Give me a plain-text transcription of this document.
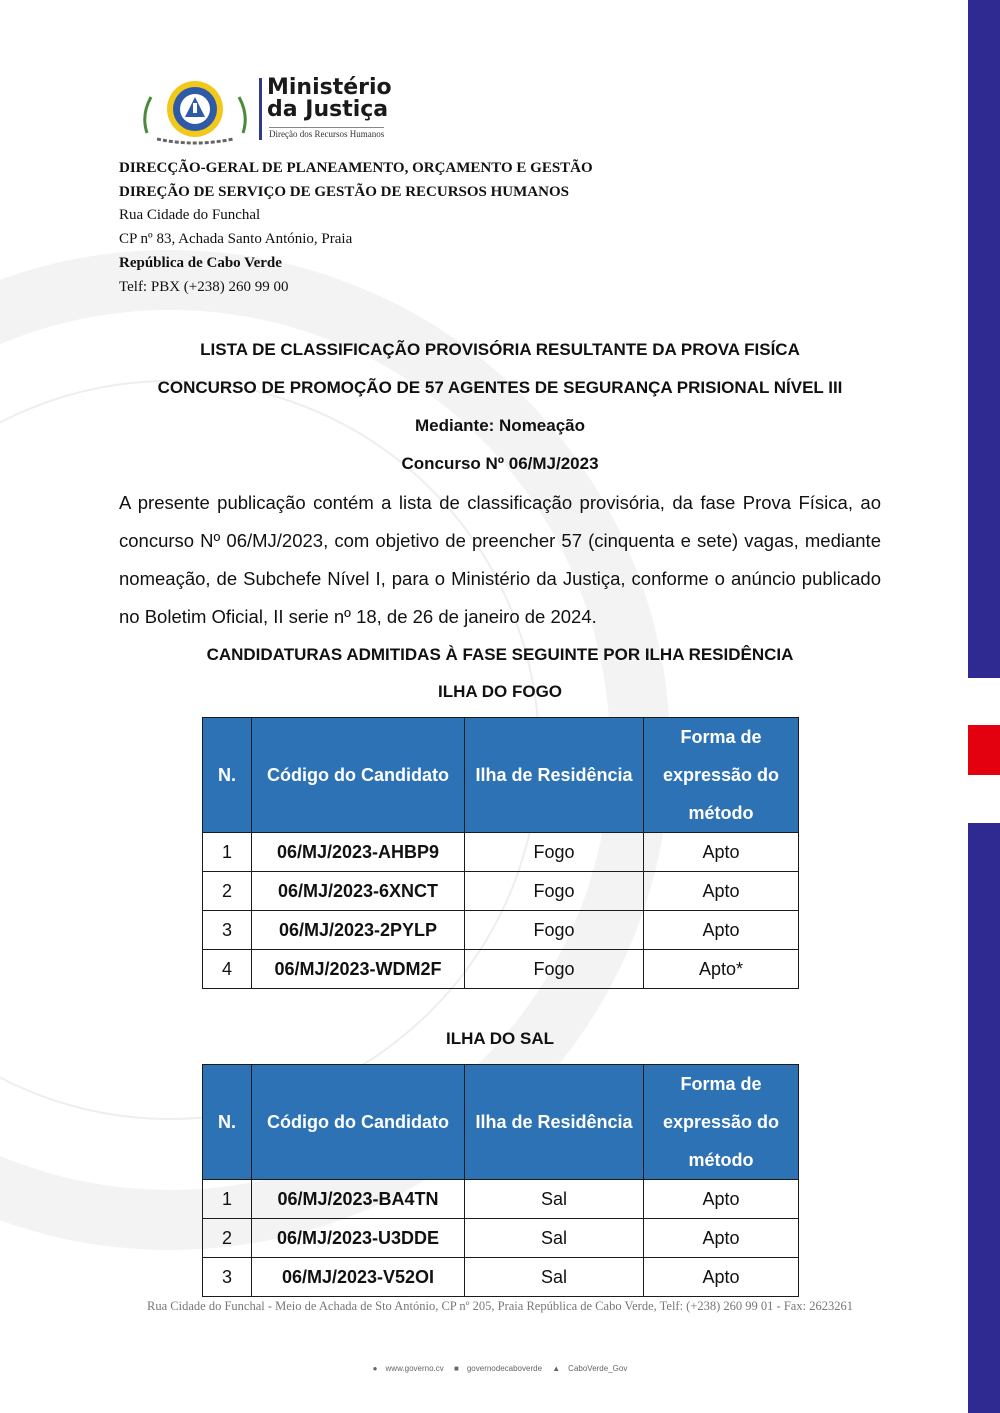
Ministério
da Justiça
Direção dos Recursos Humanos
DIRECÇÃO-GERAL DE PLANEAMENTO, ORÇAMENTO E GESTÃO
DIREÇÃO DE SERVIÇO DE GESTÃO DE RECURSOS HUMANOS
Rua Cidade do Funchal
CP nº 83, Achada Santo António, Praia
República de Cabo Verde
Telf: PBX (+238) 260 99 00
LISTA DE CLASSIFICAÇÃO PROVISÓRIA RESULTANTE DA PROVA FISÍCA
CONCURSO DE PROMOÇÃO DE 57 AGENTES DE SEGURANÇA PRISIONAL NÍVEL III
Mediante: Nomeação
Concurso Nº 06/MJ/2023
CANDIDATURAS ADMITIDAS À FASE SEGUINTE POR ILHA RESIDÊNCIA
ILHA DO FOGO
ILHA DO SAL
A presente publicação contém a lista de classificação provisória, da fase Prova Física, ao concurso Nº 06/MJ/2023, com objetivo de preencher 57 (cinquenta e sete) vagas, mediante nomeação, de Subchefe Nível I, para o Ministério da Justiça, conforme o anúncio publicado no Boletim Oficial, II serie nº 18, de 26 de janeiro de 2024.
N.	Código do Candidato	Ilha de Residência	Forma de
expressão do
método

1	06/MJ/2023-AHBP9	Fogo	Apto
2	06/MJ/2023-6XNCT	Fogo	Apto
3	06/MJ/2023-2PYLP	Fogo	Apto
4	06/MJ/2023-WDM2F	Fogo	Apto*
N.	Código do Candidato	Ilha de Residência	Forma de
expressão do
método

1	06/MJ/2023-BA4TN	Sal	Apto
2	06/MJ/2023-U3DDE	Sal	Apto
3	06/MJ/2023-V52OI	Sal	Apto
Rua Cidade do Funchal - Meio de Achada de Sto António, CP nº 205, Praia República de Cabo Verde, Telf: (+238) 260 99 01 - Fax: 2623261
● www.governo.cv ■ governodecaboverde ▲ CaboVerde_Gov
